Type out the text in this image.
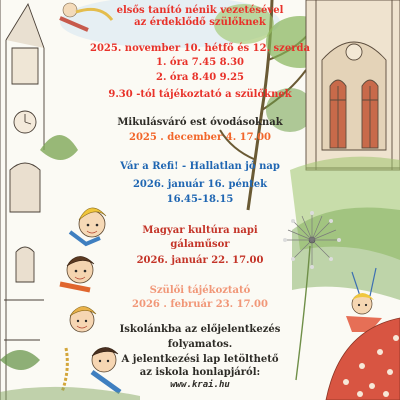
elsős tanító nénik vezetésével
az érdeklődő szülőknek
2025. november 10. hétfő és 12. szerda
1. óra 7.45 8.30
2. óra 8.40 9.25
9.30 -tól tájékoztató a szülőknek
Mikulásváró est óvodásoknak
2025 . december 4. 17.00
Vár a Refi! - Hallatlan jó nap
2026. január 16. péntek
16.45-18.15
Magyar kultúra napi
gálaműsor
2026. január 22. 17.00
Szülői tájékoztató
2026 . február 23. 17.00
Iskolánkba az előjelentkezés
folyamatos.
A jelentkezési lap letölthető
az iskola honlapjáról:
www.krai.hu
